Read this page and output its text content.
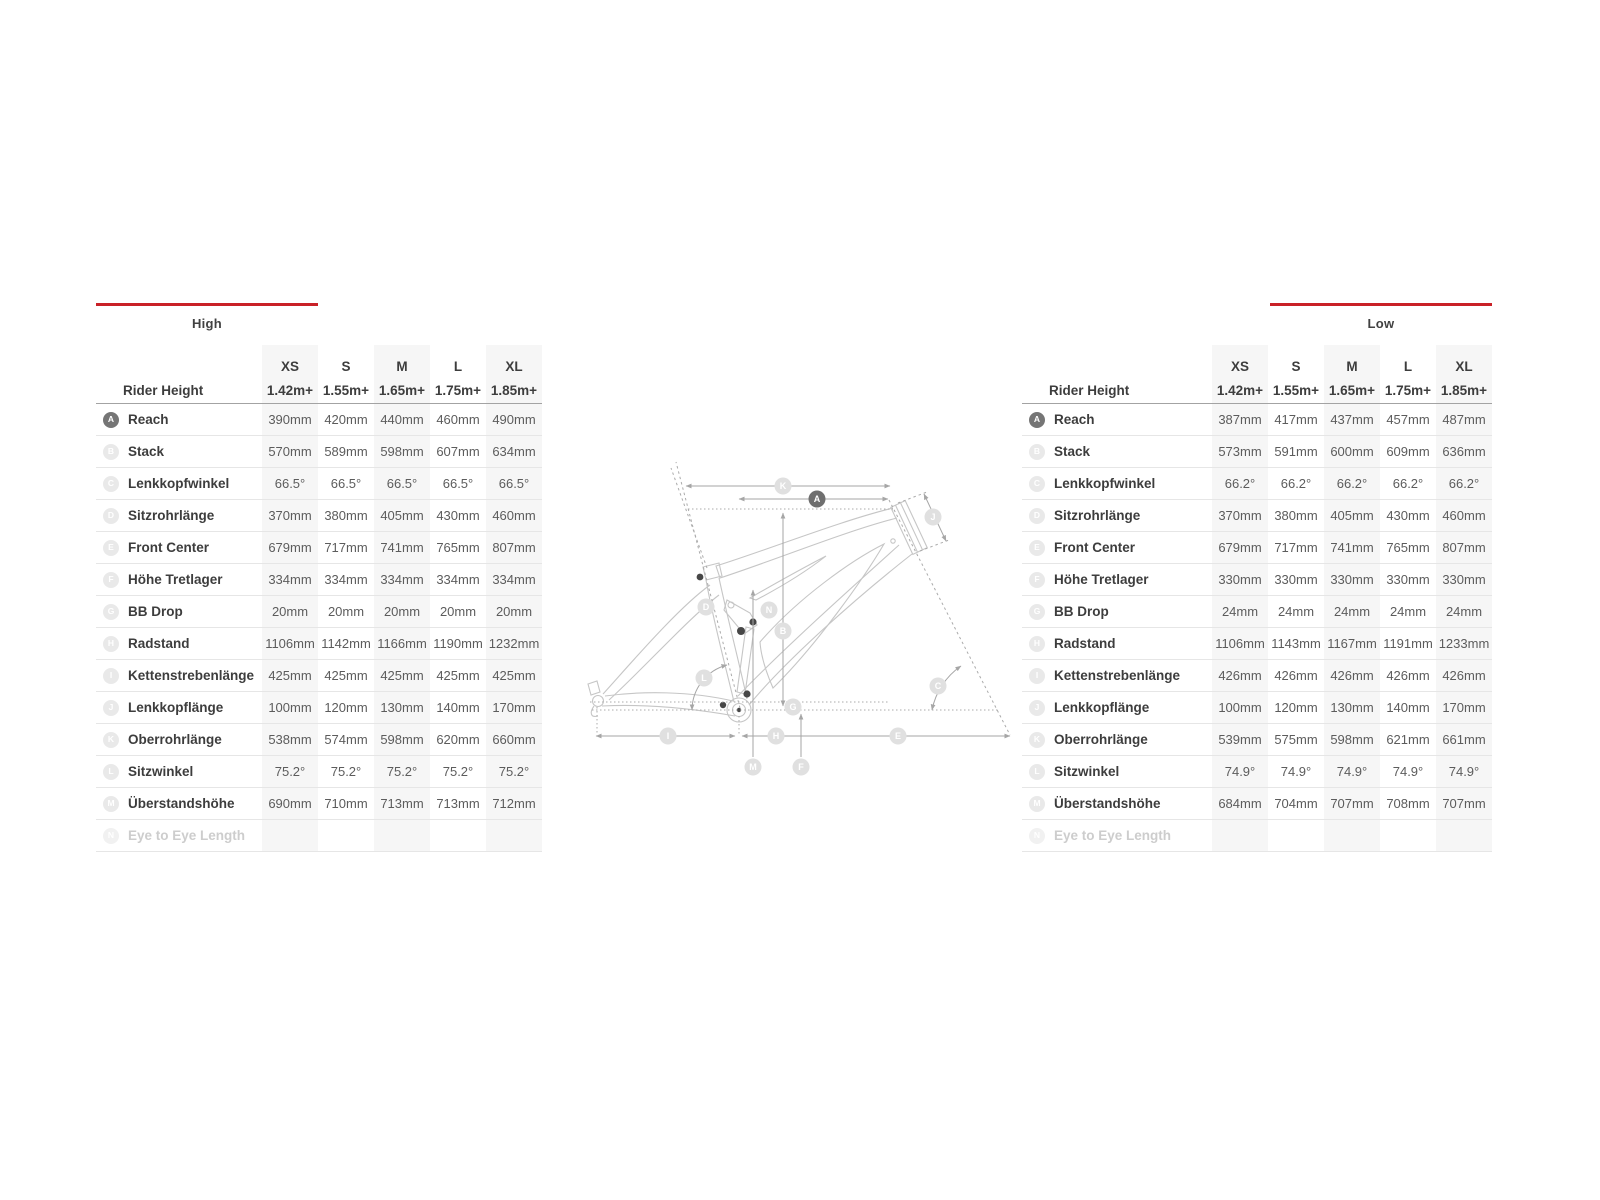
High
	XS	S	M	L	XL
Rider Height	1.42m+	1.55m+	1.65m+	1.75m+	1.85m+

A Reach	390mm	420mm	440mm	460mm	490mm

B Stack	570mm	589mm	598mm	607mm	634mm

C Lenkkopfwinkel	66.5°	66.5°	66.5°	66.5°	66.5°

D Sitzrohrlänge	370mm	380mm	405mm	430mm	460mm

E Front Center	679mm	717mm	741mm	765mm	807mm

F Höhe Tretlager	334mm	334mm	334mm	334mm	334mm

G BB Drop	20mm	20mm	20mm	20mm	20mm

H Radstand	1106mm	1142mm	1166mm	1190mm	1232mm

I Kettenstrebenlänge	425mm	425mm	425mm	425mm	425mm

J Lenkkopflänge	100mm	120mm	130mm	140mm	170mm

K Oberrohrlänge	538mm	574mm	598mm	620mm	660mm

L Sitzwinkel	75.2°	75.2°	75.2°	75.2°	75.2°

M Überstandshöhe	690mm	710mm	713mm	713mm	712mm

N Eye to Eye Length					

Low
	XS	S	M	L	XL
Rider Height	1.42m+	1.55m+	1.65m+	1.75m+	1.85m+

A Reach	387mm	417mm	437mm	457mm	487mm

B Stack	573mm	591mm	600mm	609mm	636mm

C Lenkkopfwinkel	66.2°	66.2°	66.2°	66.2°	66.2°

D Sitzrohrlänge	370mm	380mm	405mm	430mm	460mm

E Front Center	679mm	717mm	741mm	765mm	807mm

F Höhe Tretlager	330mm	330mm	330mm	330mm	330mm

G BB Drop	24mm	24mm	24mm	24mm	24mm

H Radstand	1106mm	1143mm	1167mm	1191mm	1233mm

I Kettenstrebenlänge	426mm	426mm	426mm	426mm	426mm

J Lenkkopflänge	100mm	120mm	130mm	140mm	170mm

K Oberrohrlänge	539mm	575mm	598mm	621mm	661mm

L Sitzwinkel	74.9°	74.9°	74.9°	74.9°	74.9°

M Überstandshöhe	684mm	704mm	707mm	708mm	707mm

N Eye to Eye Length					

K
A
J
D	N
B
L
C
G
I	H	E
M	F
